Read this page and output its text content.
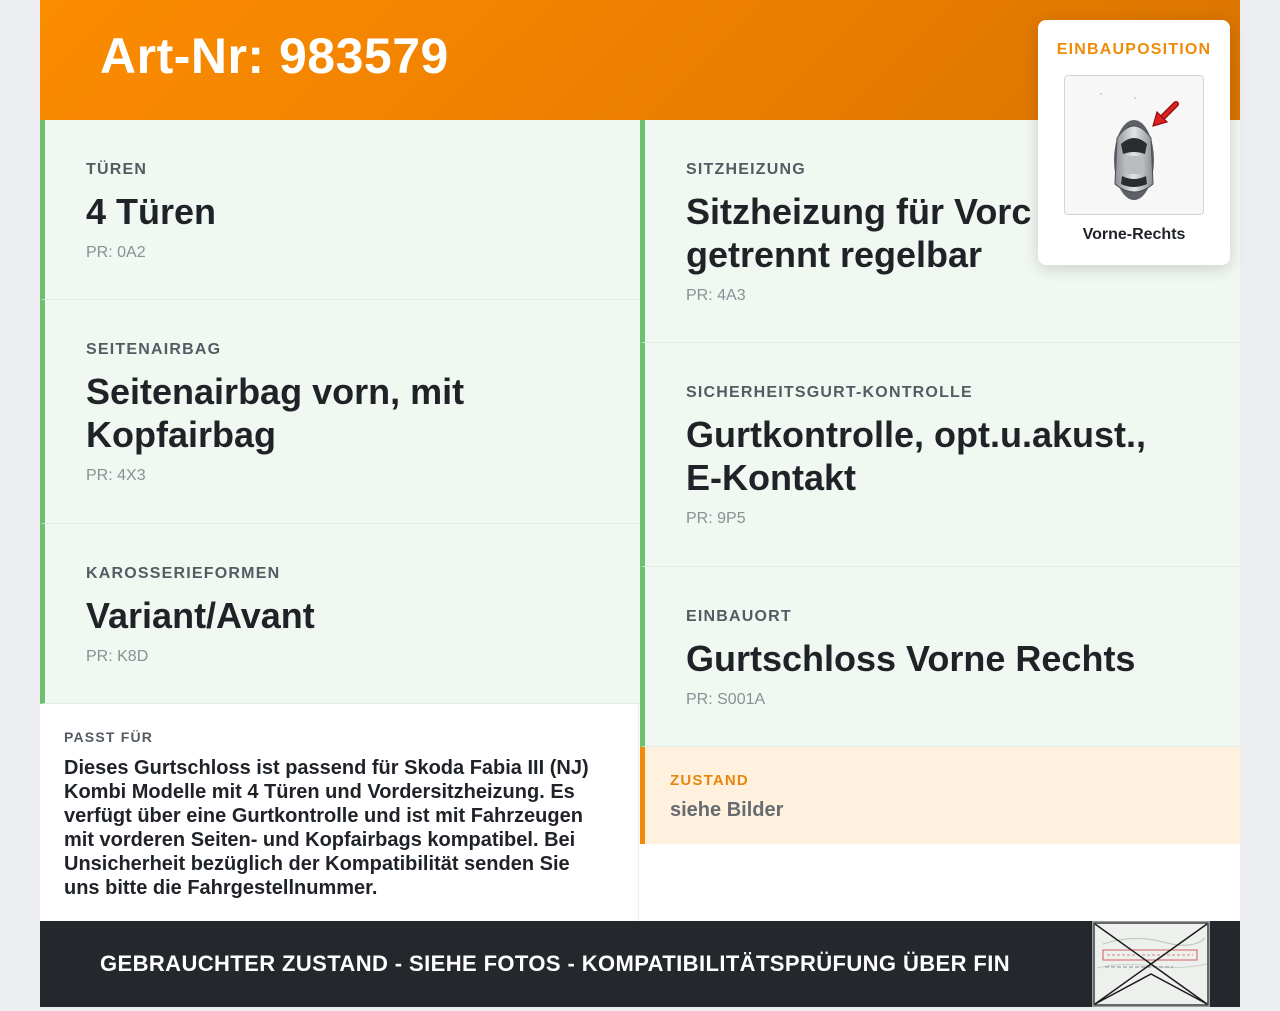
Art-Nr: 983579
TÜREN
4 Türen
PR: 0A2
SEITENAIRBAG
Seitenairbag vorn, mit
Kopfairbag
PR: 4X3
KAROSSERIEFORMEN
Variant/Avant
PR: K8D
SITZHEIZUNG
Sitzheizung für Vorc
getrennt regelbar
PR: 4A3
SICHERHEITSGURT-KONTROLLE
Gurtkontrolle, opt.u.akust.,
E-Kontakt
PR: 9P5
EINBAUORT
Gurtschloss Vorne Rechts
PR: S001A
PASST FÜR
Dieses Gurtschloss ist passend für Skoda Fabia III (NJ)
Kombi Modelle mit 4 Türen und Vordersitzheizung. Es
verfügt über eine Gurtkontrolle und ist mit Fahrzeugen
mit vorderen Seiten- und Kopfairbags kompatibel. Bei
Unsicherheit bezüglich der Kompatibilität senden Sie
uns bitte die Fahrgestellnummer.
ZUSTAND
siehe Bilder
GEBRAUCHTER ZUSTAND - SIEHE FOTOS - KOMPATIBILITÄTSPRÜFUNG ÜBER FIN
EINBAUPOSITION
Vorne-Rechts
